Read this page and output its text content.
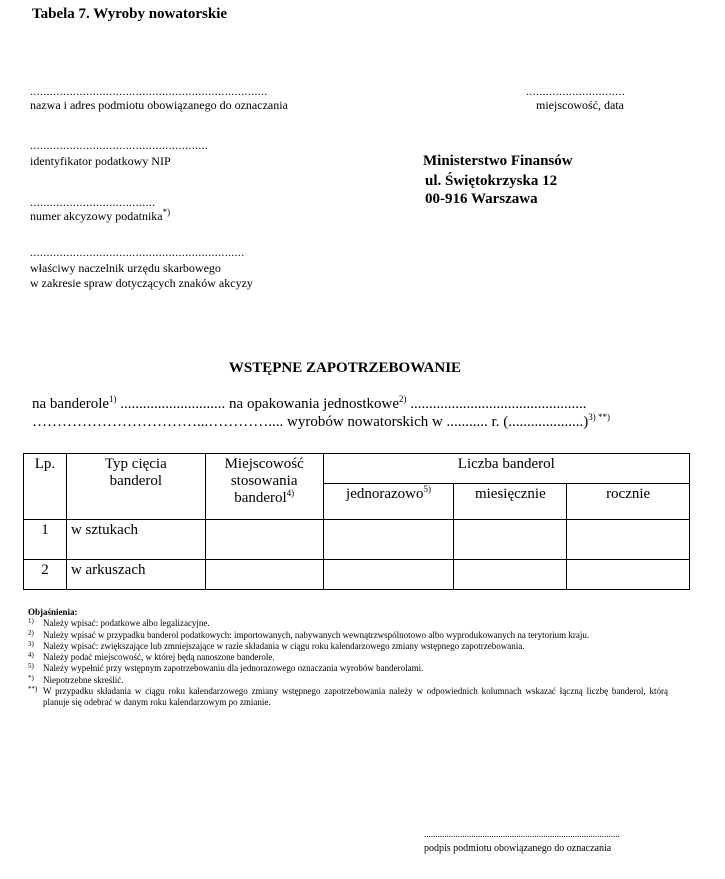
Tabela 7. Wyroby nowatorskie
........................................................................
nazwa i adres podmiotu obowiązanego do oznaczania
..............................
miejscowość, data
......................................................
identyfikator podatkowy NIP
......................................
numer akcyzowy podatnika*)
.................................................................
właściwy naczelnik urzędu skarbowego
w zakresie spraw dotyczących znaków akcyzy
Ministerstwo Finansów
ul. Świętokrzyska 12
00-916 Warszawa
WSTĘPNE ZAPOTRZEBOWANIE
na banderole$^{1)}$ ............................ na opakowania jednostkowe$^{2)}$ ...............................................
……………………………...………….... wyrobów nowatorskich w ........... r. (....................)$^{3) **)}$
Lp.	Typ cięcia banderol	Miejscowość stosowania banderol$^{4)}$	Liczba banderol		
			jednorazowo$^{5)}$	miesięcznie	rocznie
1	w sztukach				
2	w arkuszach				
Objaśnienia:
1) Należy wpisać: podatkowe albo legalizacyjne.
2) Należy wpisać w przypadku banderol podatkowych: importowanych, nabywanych wewnątrzwspólnotowo albo wyprodukowanych na terytorium kraju.
3) Należy wpisać: zwiększające lub zmniejszające w razie składania w ciągu roku kalendarzowego zmiany wstępnego zapotrzebowania.
4) Należy podać miejscowość, w której będą nanoszone banderole.
5) Należy wypełnić przy wstępnym zapotrzebowaniu dla jednorazowego oznaczania wyrobów banderolami.
*) Niepotrzebne skreślić.
**) W przypadku składania w ciągu roku kalendarzowego zmiany wstępnego zapotrzebowania należy w odpowiednich kolumnach wskazać łączną liczbę banderol, którą planuje się odebrać w danym roku kalendarzowym po zmianie.
.......................................................................................
podpis podmiotu obowiązanego do oznaczania
